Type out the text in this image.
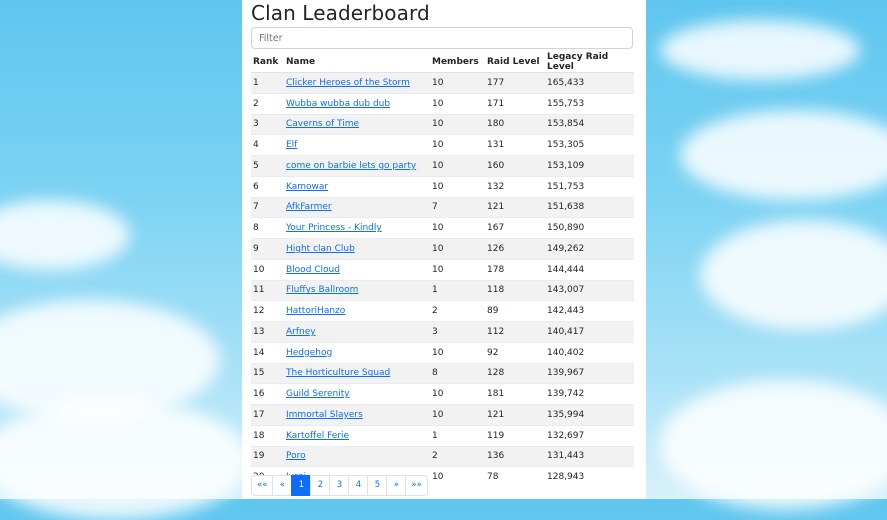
Clan Leaderboard
Filter
Rank	Name	Members	Raid Level	Legacy Raid Level
1	Clicker Heroes of the Storm	10	177	165,433
2	Wubba wubba dub dub	10	171	155,753
3	Caverns of Time	10	180	153,854
4	Elf	10	131	153,305
5	come on barbie lets go party	10	160	153,109
6	Kamowar	10	132	151,753
7	AfkFarmer	7	121	151,638
8	Your Princess - Kindly	10	167	150,890
9	Hight clan Club	10	126	149,262
10	Blood Cloud	10	178	144,444
11	Fluffys Ballroom	1	118	143,007
12	HattoriHanzo	2	89	142,443
13	Arfney	3	112	140,417
14	Hedgehog	10	92	140,402
15	The Horticulture Squad	8	128	139,967
16	Guild Serenity	10	181	139,742
17	Immortal Slayers	10	121	135,994
18	Kartoffel Ferie	1	119	132,697
19	Poro	2	136	131,443
		10	78	128,943
««	«	1	2	3	4	5	»	»»
